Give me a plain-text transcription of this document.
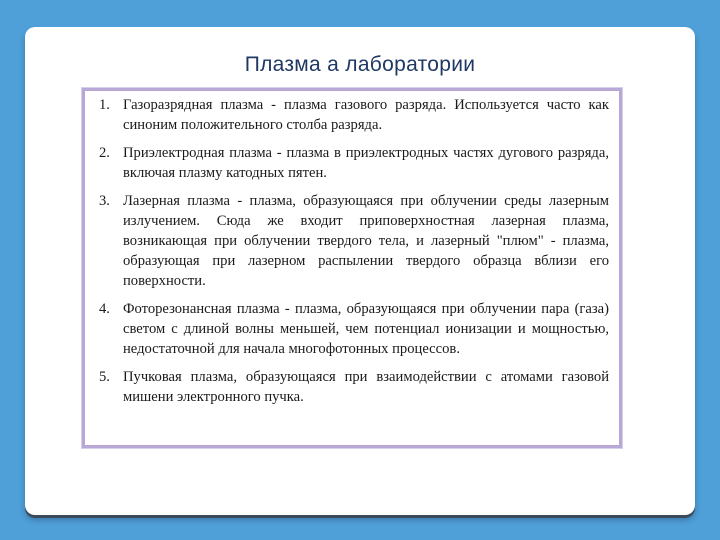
Плазма а лаборатории
1. Газоразрядная плазма - плазма газового разряда. Используется часто как синоним положительного столба разряда.
2. Приэлектродная плазма - плазма в приэлектродных частях дугового разряда, включая плазму катодных пятен.
3. Лазерная плазма - плазма, образующаяся при облучении среды лазерным излучением. Сюда же входит приповерхностная лазерная плазма, возникающая при облучении твердого тела, и лазерный "плюм" - плазма, образующая при лазерном распылении твердого образца вблизи его поверхности.
4. Фоторезонансная плазма - плазма, образующаяся при облучении пара (газа) светом с длиной волны меньшей, чем потенциал ионизации и мощностью, недостаточной для начала многофотонных процессов.
5. Пучковая плазма, образующаяся при взаимодействии с атомами газовой мишени электронного пучка.
